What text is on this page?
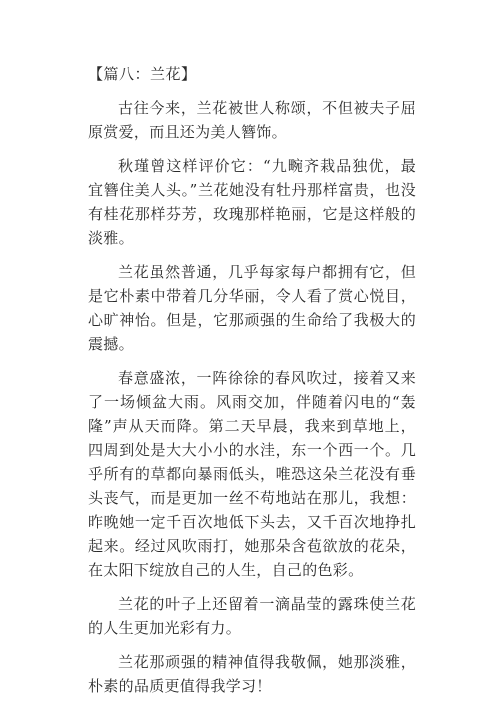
【篇八：兰花】

古往今来，兰花被世人称颂，不但被夫子屈原赏爱，而且还为美人簪饰。

秋瑾曾这样评价它：“九畹齐栽品独优，最宜簪住美人头。”兰花她没有牡丹那样富贵，也没有桂花那样芬芳，玫瑰那样艳丽，它是这样般的淡雅。

兰花虽然普通，几乎每家每户都拥有它，但是它朴素中带着几分华丽，令人看了赏心悦目，心旷神怡。但是，它那顽强的生命给了我极大的震撼。

春意盛浓，一阵徐徐的春风吹过，接着又来了一场倾盆大雨。风雨交加，伴随着闪电的“轰隆”声从天而降。第二天早晨，我来到草地上，四周到处是大大小小的水洼，东一个西一个。几乎所有的草都向暴雨低头，唯恐这朵兰花没有垂头丧气，而是更加一丝不苟地站在那儿，我想：昨晚她一定千百次地低下头去，又千百次地挣扎起来。经过风吹雨打，她那朵含苞欲放的花朵，在太阳下绽放自己的人生，自己的色彩。

兰花的叶子上还留着一滴晶莹的露珠使兰花的人生更加光彩有力。

兰花那顽强的精神值得我敬佩，她那淡雅，朴素的品质更值得我学习！
